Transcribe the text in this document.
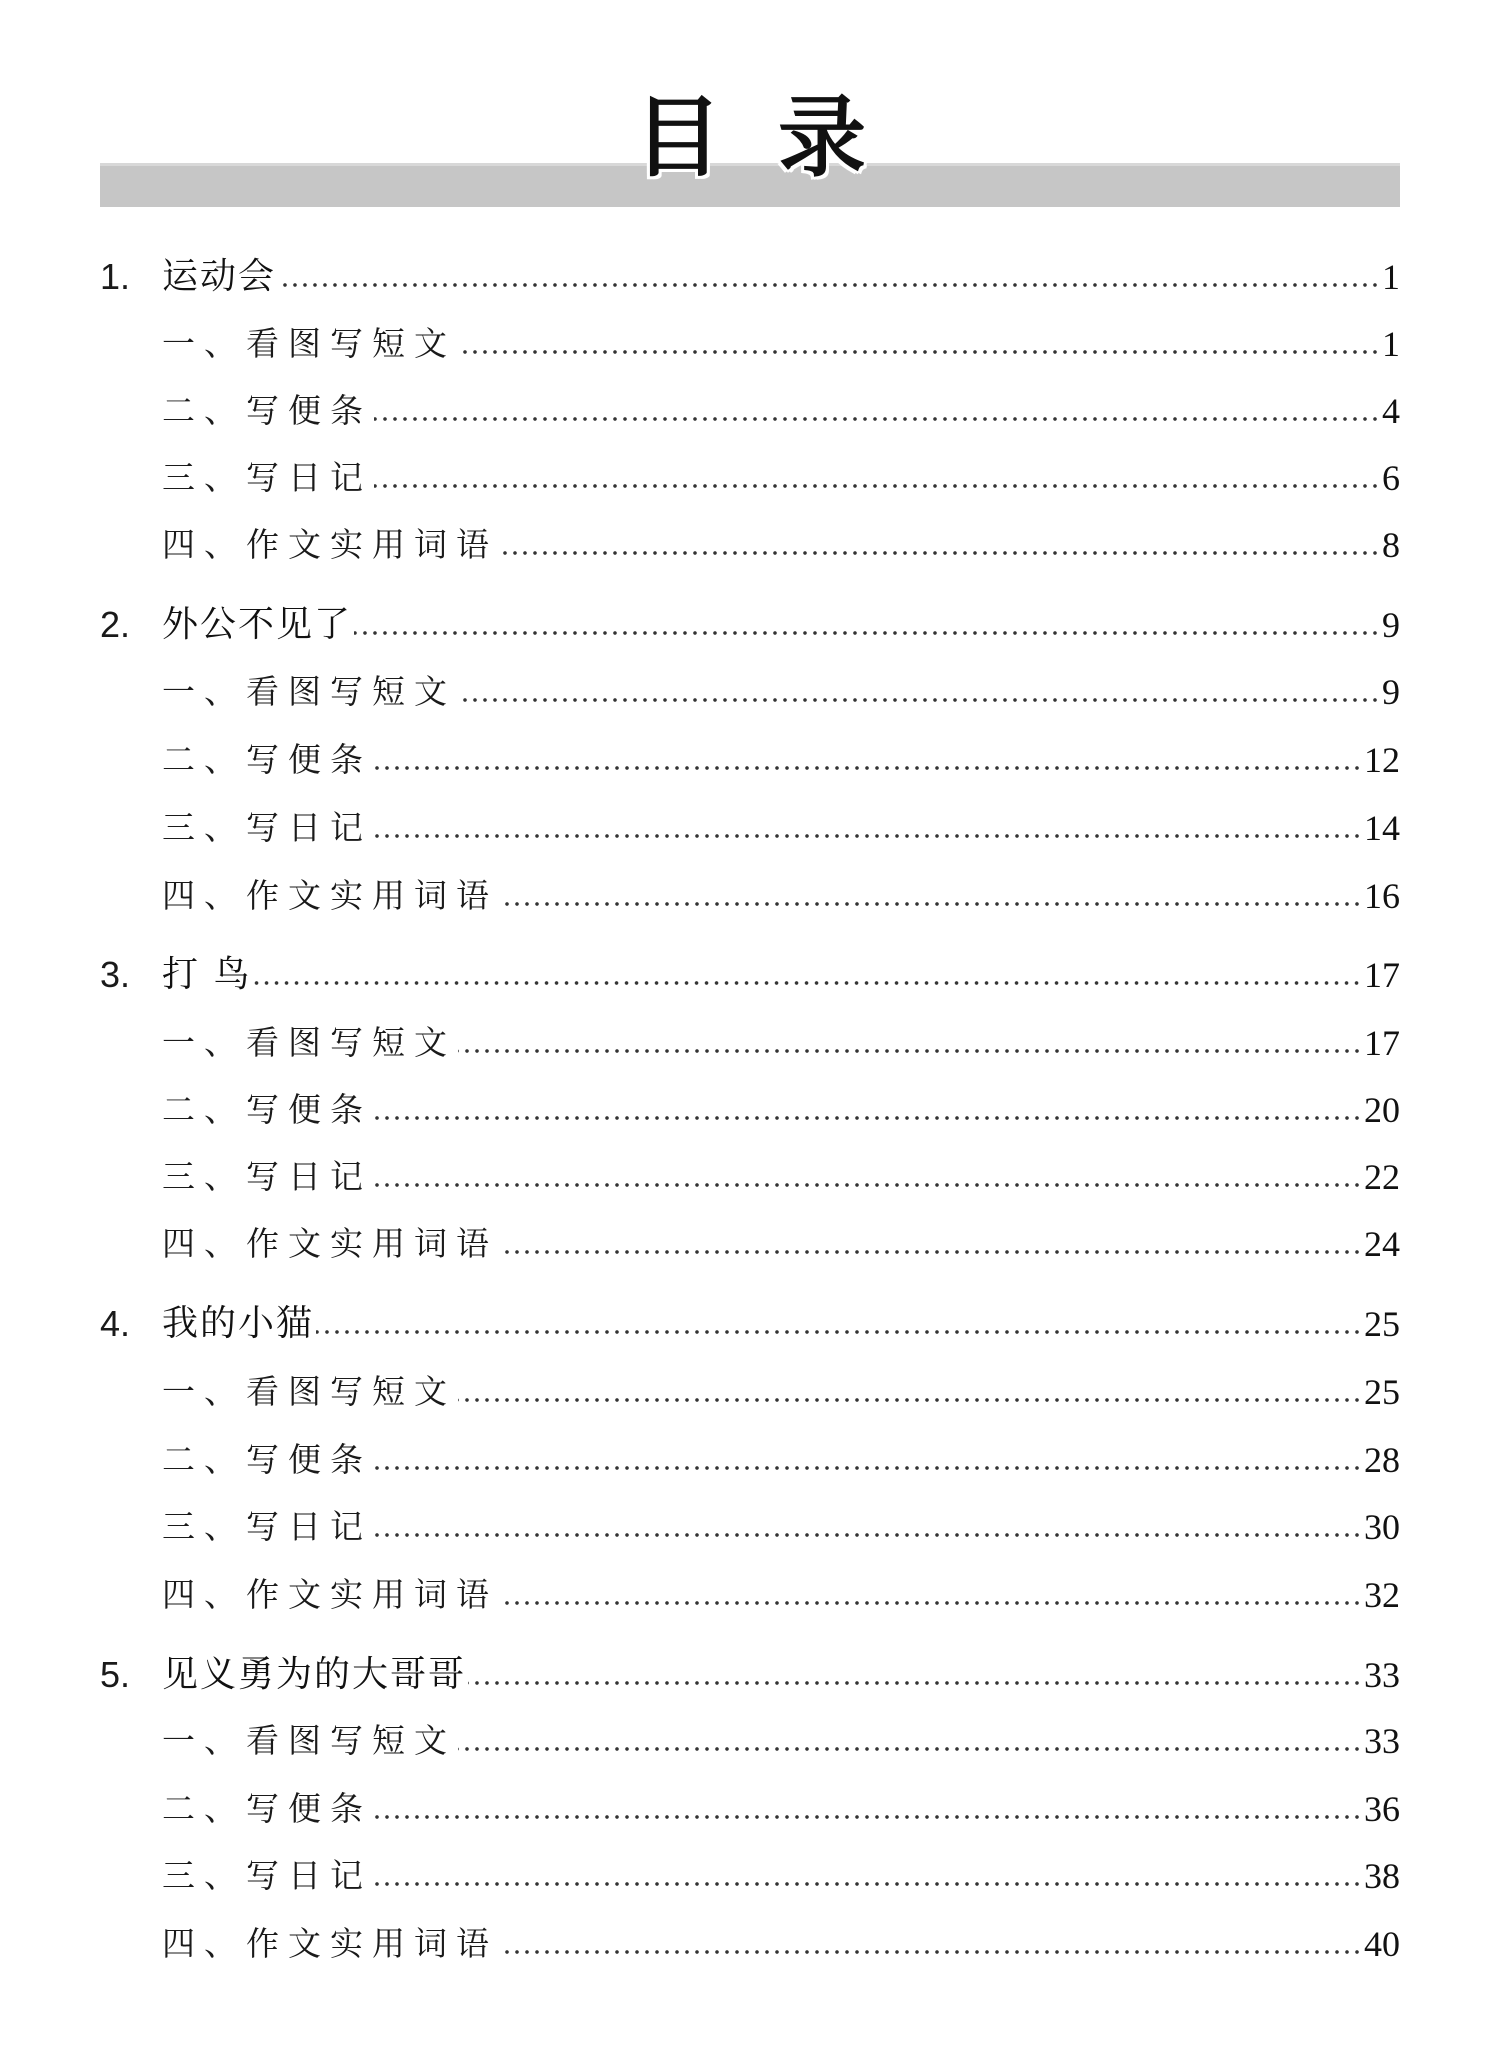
目录
1. 运动会	1
一、看图写短文	1
二、写便条	4
三、写日记	6
四、作文实用词语	8
2. 外公不见了	9
一、看图写短文	9
二、写便条	12
三、写日记	14
四、作文实用词语	16
3. 打 鸟	17
一、看图写短文	17
二、写便条	20
三、写日记	22
四、作文实用词语	24
4. 我的小猫	25
一、看图写短文	25
二、写便条	28
三、写日记	30
四、作文实用词语	32
5. 见义勇为的大哥哥	33
一、看图写短文	33
二、写便条	36
三、写日记	38
四、作文实用词语	40
